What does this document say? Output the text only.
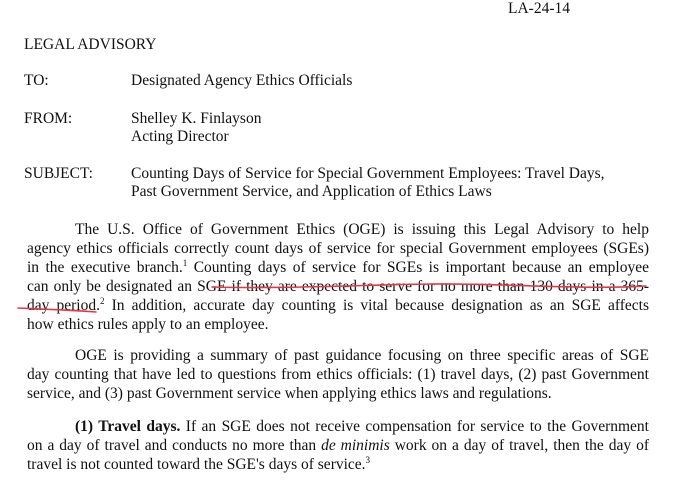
LA-24-14
LEGAL ADVISORY
TO:	Designated Agency Ethics Officials
FROM:	Shelley K. Finlayson
Acting Director
SUBJECT: Counting Days of Service for Special Government Employees: Travel Days,
Past Government Service, and Application of Ethics Laws
The U.S. Office of Government Ethics (OGE) is issuing this Legal Advisory to help
agency ethics officials correctly count days of service for special Government employees (SGEs)
in the executive branch.$^1$ Counting days of service for SGEs is important because an employee
can only be designated an SGE if they are expected to serve for no more than 130 days in a 365-
day period.$^2$ In addition, accurate day counting is vital because designation as an SGE affects
how ethics rules apply to an employee.
OGE is providing a summary of past guidance focusing on three specific areas of SGE
day counting that have led to questions from ethics officials: (1) travel days, (2) past Government
service, and (3) past Government service when applying ethics laws and regulations.
(1) Travel days. If an SGE does not receive compensation for service to the Government
on a day of travel and conducts no more than de minimis work on a day of travel, then the day of
travel is not counted toward the SGE's days of service.$^3$
